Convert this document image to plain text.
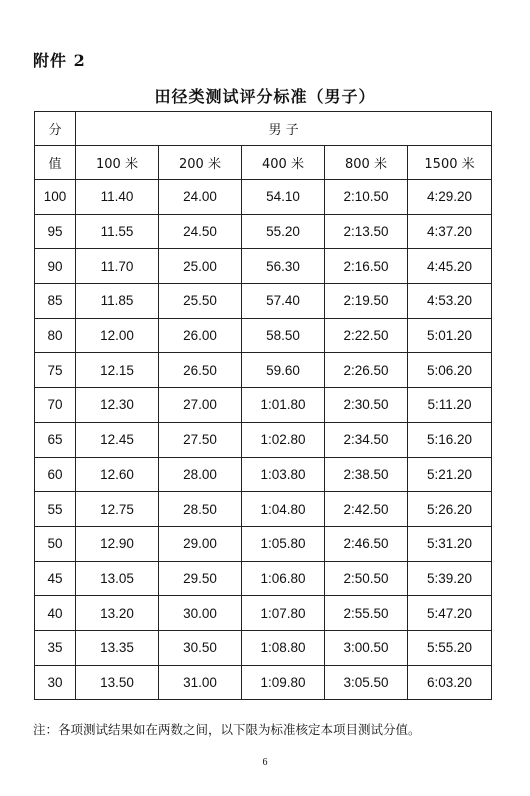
附件 2
田径类测试评分标准（男子）
分	男 子				
值	100 米	200 米	400 米	800 米	1500 米
100	11.40	24.00	54.10	2:10.50	4:29.20
95	11.55	24.50	55.20	2:13.50	4:37.20
90	11.70	25.00	56.30	2:16.50	4:45.20
85	11.85	25.50	57.40	2:19.50	4:53.20
80	12.00	26.00	58.50	2:22.50	5:01.20
75	12.15	26.50	59.60	2:26.50	5:06.20
70	12.30	27.00	1:01.80	2:30.50	5:11.20
65	12.45	27.50	1:02.80	2:34.50	5:16.20
60	12.60	28.00	1:03.80	2:38.50	5:21.20
55	12.75	28.50	1:04.80	2:42.50	5:26.20
50	12.90	29.00	1:05.80	2:46.50	5:31.20
45	13.05	29.50	1:06.80	2:50.50	5:39.20
40	13.20	30.00	1:07.80	2:55.50	5:47.20
35	13.35	30.50	1:08.80	3:00.50	5:55.20
30	13.50	31.00	1:09.80	3:05.50	6:03.20
注：各项测试结果如在两数之间，以下限为标准核定本项目测试分值。
6
